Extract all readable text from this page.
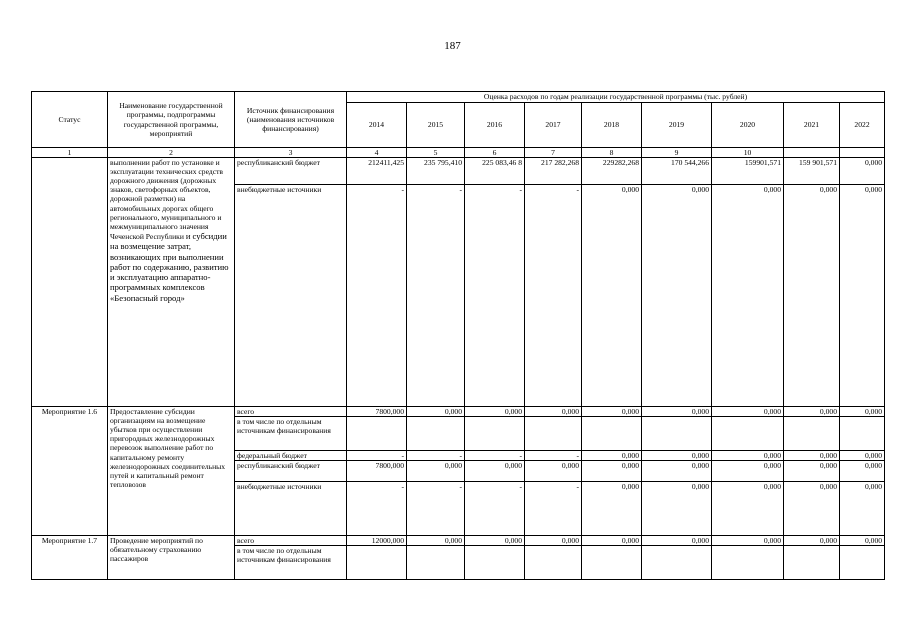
187
Статус	Наименование государственной программы, подпрограммы государственной программы, мероприятий	Источник финансирования (наименования источников финансирования)	Оценка расходов по годам реализации государственной программы (тыс. рублей)								
			2014	2015	2016	2017	2018	2019	2020	2021	2022
1	2	3	4	5	6	7	8	9	10		
	выполнении работ по установке и эксплуатации технических средств дорожного движения (дорожных знаков, светофорных объектов, дорожной разметки) на автомобильных дорогах общего регионального, муниципального и межмуниципального значения Чеченской Республики и субсидии на возмещение затрат, возникающих при выполнении работ по содержанию, развитию и эксплуатацию аппаратно-программных комплексов «Безопасный город»	республиканский бюджет	212411,425	235 795,410	225 083,46 8	217 282,268	229282,268	170 544,266	159901,571	159 901,571	0,000
		внебюджетные источники	-	-	-	-	0,000	0,000	0,000	0,000	0,000
Мероприятие 1.6	Предоставление субсидии организациям на возмещение убытков при осуществлении пригородных железнодорожных перевозок выполнение работ по капитальному ремонту железнодорожных соединительных путей и капитальный ремонт тепловозов	всего	7800,000	0,000	0,000	0,000	0,000	0,000	0,000	0,000	0,000
		в том числе по отдельным источникам финансирования									
		федеральный бюджет	-	-	-	-	0,000	0,000	0,000	0,000	0,000
		республиканский бюджет	7800,000	0,000	0,000	0,000	0,000	0,000	0,000	0,000	0,000
		внебюджетные источники	-	-	-	-	0,000	0,000	0,000	0,000	0,000
Мероприятие 1.7	Проведение мероприятий по обязательному страхованию пассажиров	всего	12000,000	0,000	0,000	0,000	0,000	0,000	0,000	0,000	0,000
		в том числе по отдельным источникам финансирования									
